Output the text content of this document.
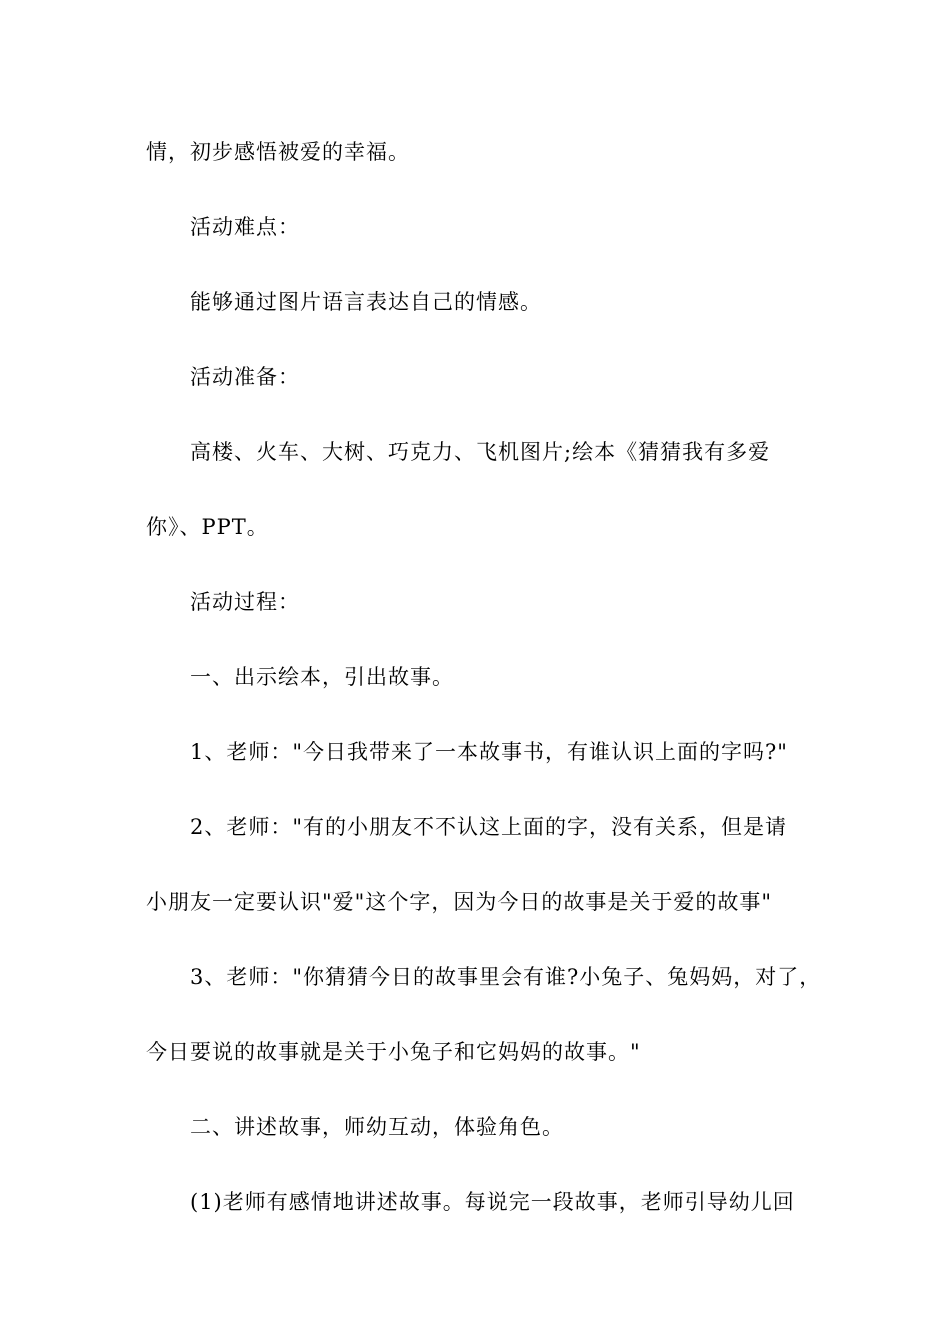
情，初步感悟被爱的幸福。
活动难点：
能够通过图片语言表达自己的情感。
活动准备：
高楼、火车、大树、巧克力、飞机图片;绘本《猜猜我有多爱
你》、PPT。
活动过程：
一、出示绘本，引出故事。
1、老师："今日我带来了一本故事书，有谁认识上面的字吗?"
2、老师："有的小朋友不不认这上面的字，没有关系，但是请
小朋友一定要认识"爱"这个字，因为今日的故事是关于爱的故事"
3、老师："你猜猜今日的故事里会有谁?小兔子、兔妈妈，对了，
今日要说的故事就是关于小兔子和它妈妈的故事。"
二、讲述故事，师幼互动，体验角色。
(1)老师有感情地讲述故事。每说完一段故事，老师引导幼儿回
